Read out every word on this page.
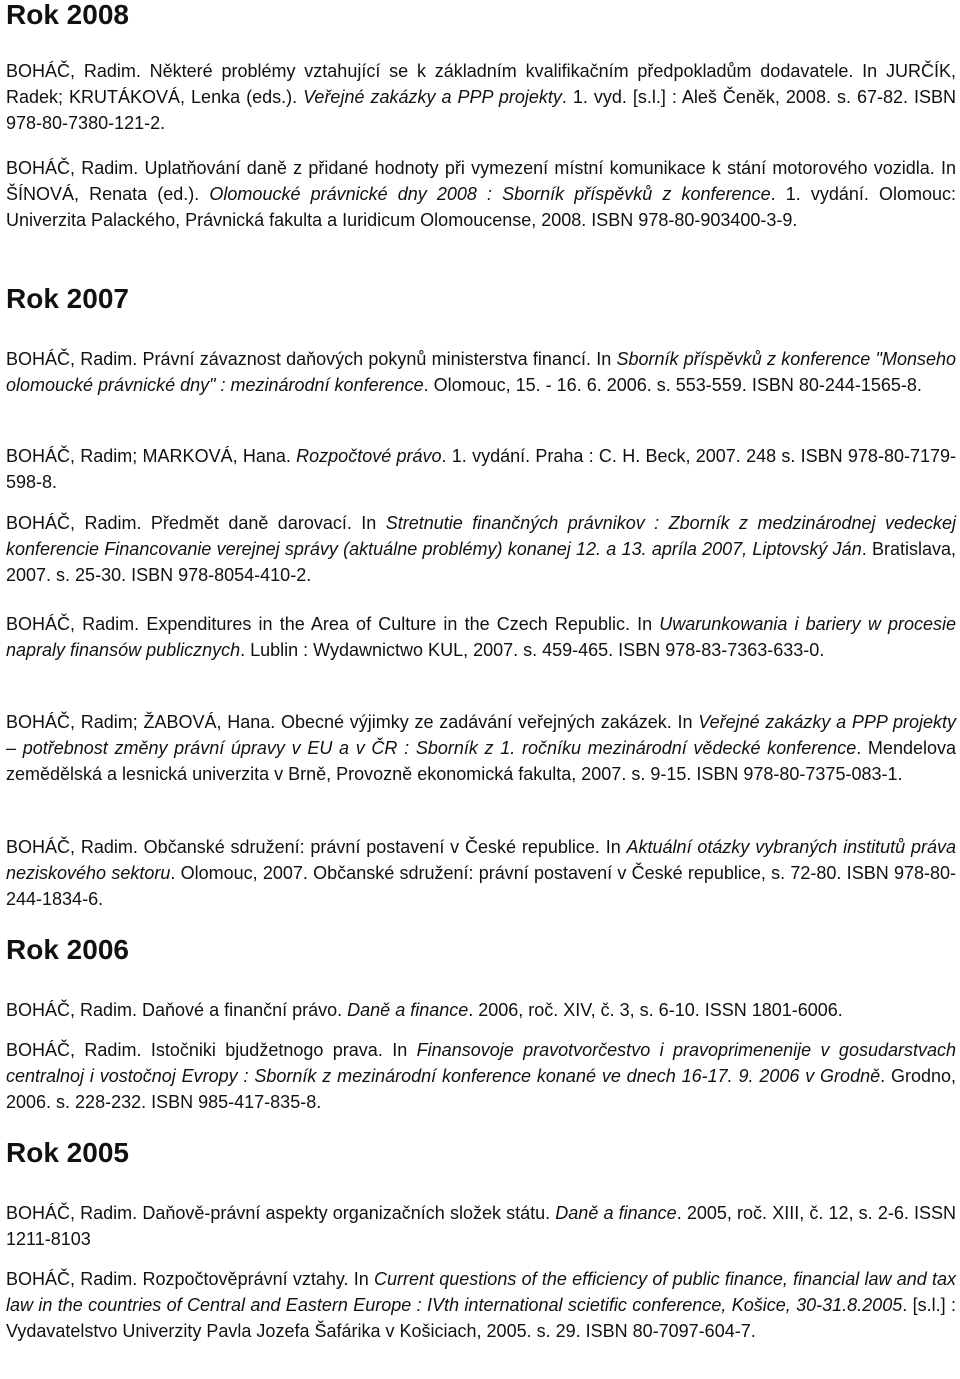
Rok 2008

BOHÁČ, Radim. Některé problémy vztahující se k základním kvalifikačním předpokladům dodavatele. In JURČÍK, Radek; KRUTÁKOVÁ, Lenka (eds.). Veřejné zakázky a PPP projekty. 1. vyd. [s.l.] : Aleš Čeněk, 2008. s. 67-82. ISBN 978-80-7380-121-2.

BOHÁČ, Radim. Uplatňování daně z přidané hodnoty při vymezení místní komunikace k stání motorového vozidla. In ŠÍNOVÁ, Renata (ed.). Olomoucké právnické dny 2008 : Sborník příspěvků z konference. 1. vydání. Olomouc: Univerzita Palackého, Právnická fakulta a Iuridicum Olomoucense, 2008. ISBN 978-80-903400-3-9.

Rok 2007

BOHÁČ, Radim. Právní závaznost daňových pokynů ministerstva financí. In Sborník příspěvků z konference "Monseho olomoucké právnické dny" : mezinárodní konference. Olomouc, 15. - 16. 6. 2006. s. 553-559. ISBN 80-244-1565-8.

BOHÁČ, Radim; MARKOVÁ, Hana. Rozpočtové právo. 1. vydání. Praha : C. H. Beck, 2007. 248 s. ISBN 978-80-7179-598-8.

BOHÁČ, Radim. Předmět daně darovací. In Stretnutie finančných právnikov : Zborník z medzinárodnej vedeckej konferencie Financovanie verejnej správy (aktuálne problémy) konanej 12. a 13. apríla 2007, Liptovský Ján. Bratislava, 2007. s. 25-30. ISBN 978-8054-410-2.

BOHÁČ, Radim. Expenditures in the Area of Culture in the Czech Republic. In Uwarunkowania i bariery w procesie napraly finansów publicznych. Lublin : Wydawnictwo KUL, 2007. s. 459-465. ISBN 978-83-7363-633-0.

BOHÁČ, Radim; ŽABOVÁ, Hana. Obecné výjimky ze zadávání veřejných zakázek. In Veřejné zakázky a PPP projekty – potřebnost změny právní úpravy v EU a v ČR : Sborník z 1. ročníku mezinárodní vědecké konference. Mendelova zemědělská a lesnická univerzita v Brně, Provozně ekonomická fakulta, 2007. s. 9-15. ISBN 978-80-7375-083-1.

BOHÁČ, Radim. Občanské sdružení: právní postavení v České republice. In Aktuální otázky vybraných institutů práva neziskového sektoru. Olomouc, 2007. Občanské sdružení: právní postavení v České republice, s. 72-80. ISBN 978-80-244-1834-6.

Rok 2006

BOHÁČ, Radim. Daňové a finanční právo. Daně a finance. 2006, roč. XIV, č. 3, s. 6-10. ISSN 1801-6006.

BOHÁČ, Radim. Istočniki bjudžetnogo prava. In Finansovoje pravotvorčestvo i pravoprimenenije v gosudarstvach centralnoj i vostočnoj Evropy : Sborník z mezinárodní konference konané ve dnech 16-17. 9. 2006 v Grodně. Grodno, 2006. s. 228-232. ISBN 985-417-835-8.

Rok 2005

BOHÁČ, Radim. Daňově-právní aspekty organizačních složek státu. Daně a finance. 2005, roč. XIII, č. 12, s. 2-6. ISSN 1211-8103

BOHÁČ, Radim. Rozpočtověprávní vztahy. In Current questions of the efficiency of public finance, financial law and tax law in the countries of Central and Eastern Europe : IVth international scietific conference, Košice, 30-31.8.2005. [s.l.] : Vydavatelstvo Univerzity Pavla Jozefa Šafárika v Košiciach, 2005. s. 29. ISBN 80-7097-604-7.
